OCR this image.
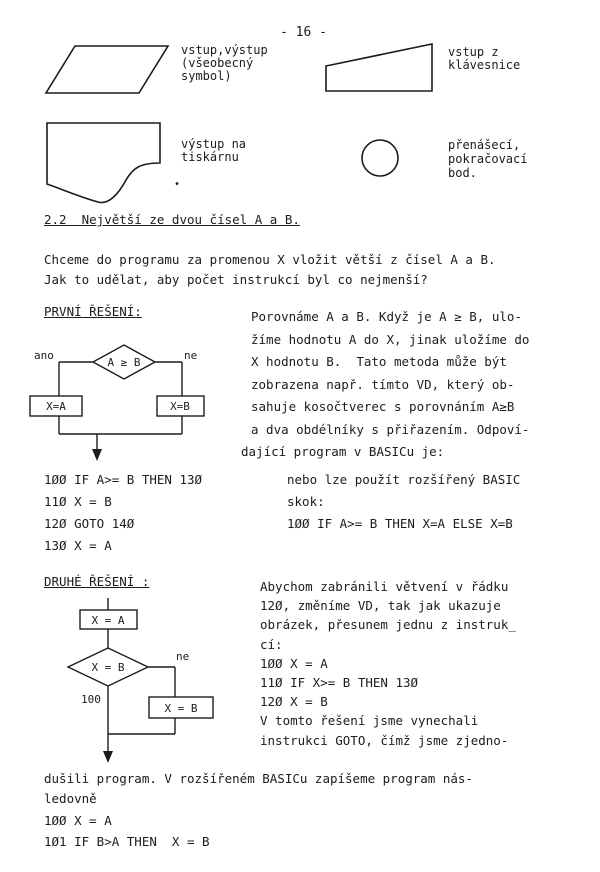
- 16 -
•
vstup,výstup
(všeobecný
symbol)
vstup z
klávesnice
výstup na
tiskárnu
přenášecí,
pokračovací
bod.
2.2  Největší ze dvou čísel A a B.
Chceme do programu za promenou X vložit větší z čísel A a B.
Jak to udělat, aby počet instrukcí byl co nejmenší?
PRVNÍ ŘEŠENÍ:	Porovnáme A a B. Když je A ≥ B, ulo-
žíme hodnotu A do X, jinak uložíme do
X hodnotu B.  Tato metoda může být
zobrazena např. tímto VD, který ob-
sahuje kosočtverec s porovnáním A≥B
a dva obdélníky s přiřazením. Odpoví-
dající program v BASICu je:
ano	ne
A ≥ B
X=A	X=B
1ØØ IF A>= B THEN 13Ø
11Ø X = B
12Ø GOTO 14Ø
13Ø X = A
nebo lze použít rozšířený BASIC
skok:
1ØØ IF A>= B THEN X=A ELSE X=B
DRUHÉ ŘEŠENÍ :	Abychom zabránili větvení v řádku
12Ø, změníme VD, tak jak ukazuje
obrázek, přesunem jednu z instruk_
cí:
1ØØ X = A
11Ø IF X>= B THEN 13Ø
12Ø X = B
V tomto řešení jsme vynechali
instrukci GOTO, čímž jsme zjedno-
X = A
X = B
ne
100
X = B
dušili program. V rozšířeném BASICu zapíšeme program nás-
ledovně
1ØØ X = A
1Ø1 IF B>A THEN  X = B
